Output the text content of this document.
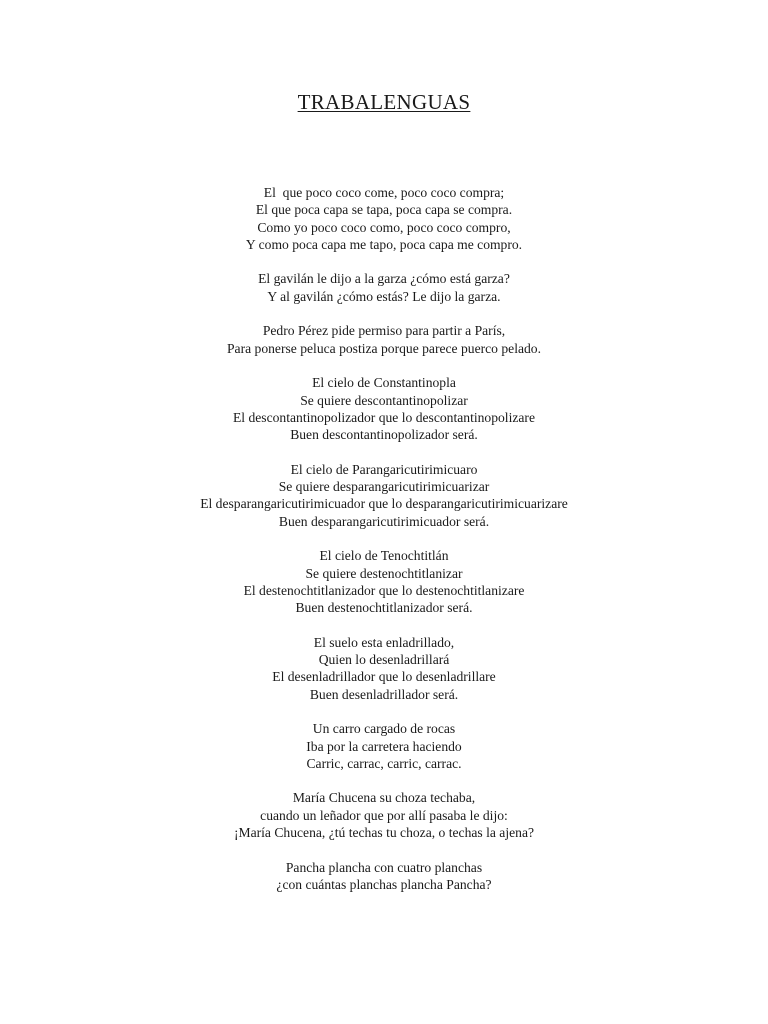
TRABALENGUAS
El  que poco coco come, poco coco compra;
El que poca capa se tapa, poca capa se compra.
Como yo poco coco como, poco coco compro,
Y como poca capa me tapo, poca capa me compro.
El gavilán le dijo a la garza ¿cómo está garza?
Y al gavilán ¿cómo estás? Le dijo la garza.
Pedro Pérez pide permiso para partir a París,
Para ponerse peluca postiza porque parece puerco pelado.
El cielo de Constantinopla
Se quiere descontantinopolizar
El descontantinopolizador que lo descontantinopolizare
Buen descontantinopolizador será.
El cielo de Parangaricutirimicuaro
Se quiere desparangaricutirimicuarizar
El desparangaricutirimicuador que lo desparangaricutirimicuarizare
Buen desparangaricutirimicuador será.
El cielo de Tenochtitlán
Se quiere destenochtitlanizar
El destenochtitlanizador que lo destenochtitlanizare
Buen destenochtitlanizador será.
El suelo esta enladrillado,
Quien lo desenladrillará
El desenladrillador que lo desenladrillare
Buen desenladrillador será.
Un carro cargado de rocas
Iba por la carretera haciendo
Carric, carrac, carric, carrac.
María Chucena su choza techaba,
cuando un leñador que por allí pasaba le dijo:
¡María Chucena, ¿tú techas tu choza, o techas la ajena?
Pancha plancha con cuatro planchas
¿con cuántas planchas plancha Pancha?
